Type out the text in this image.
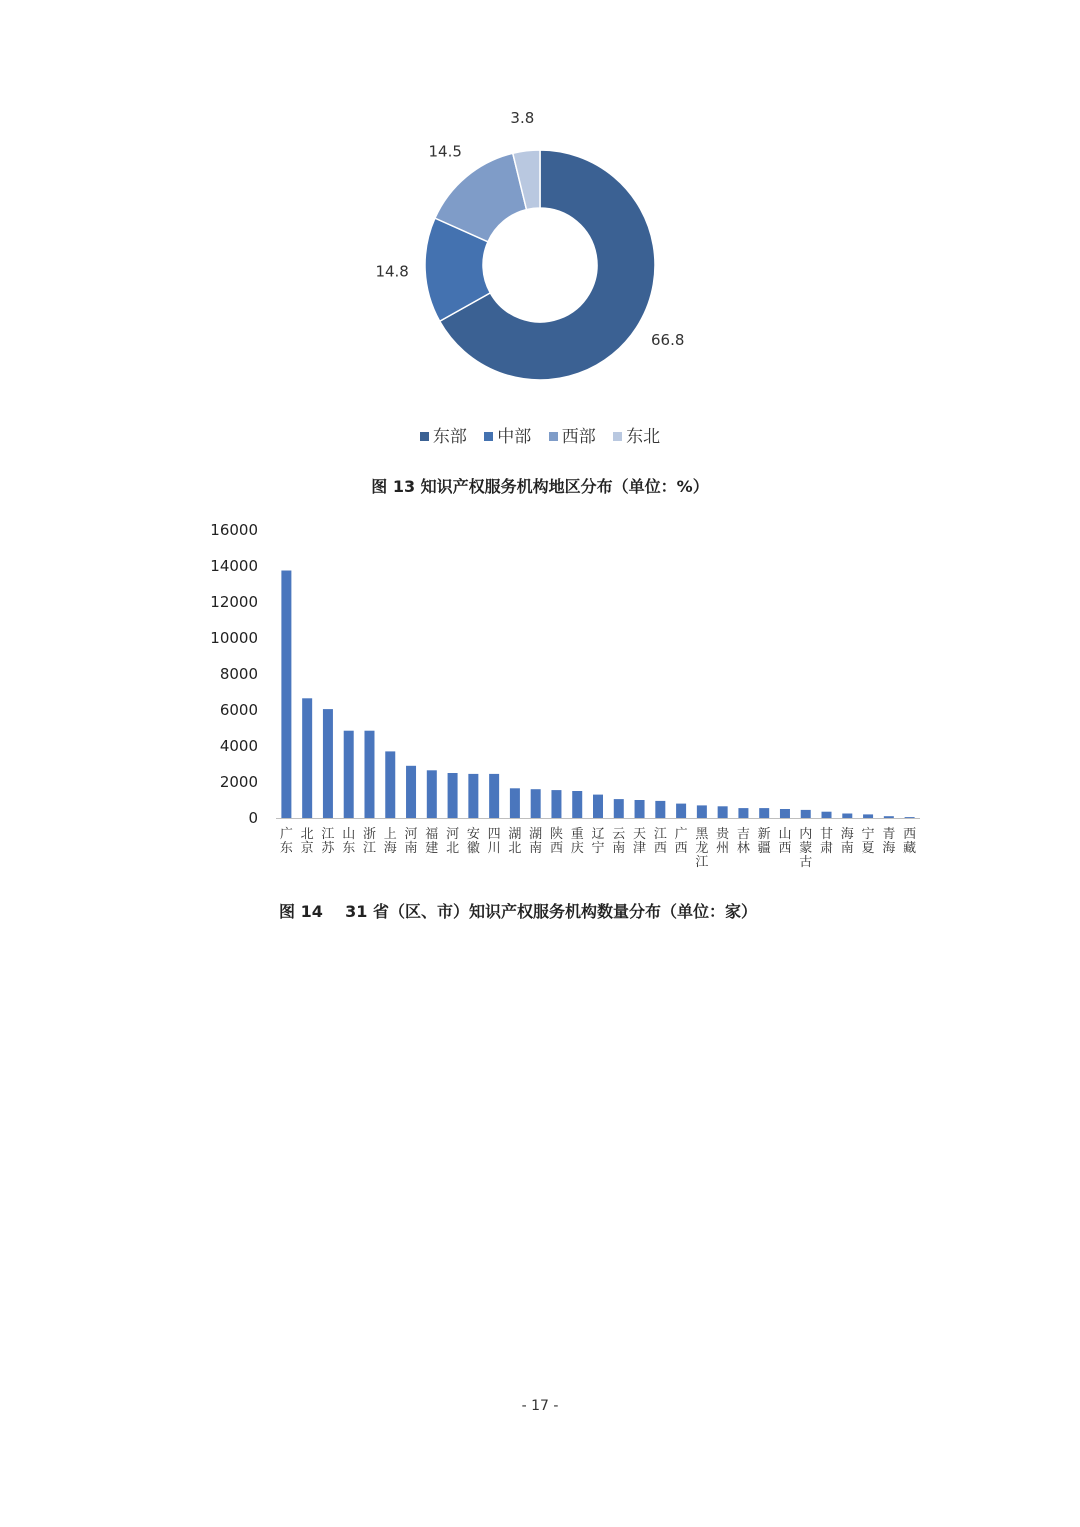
66.8
14.8
14.5
3.8
东部 中部 西部 东北
图 13 知识产权服务机构地区分布（单位：%）
0
2000
4000
6000
8000
10000
12000
14000
16000
广东
北京
江苏
山东
浙江
上海
河南
福建
河北
安徽
四川
湖北
湖南
陕西
重庆
辽宁
云南
天津
江西
广西
黑龙江
贵州
吉林
新疆
山西
内蒙古
甘肃
海南
宁夏
青海
西藏
图 14    31 省（区、市）知识产权服务机构数量分布（单位：家）
- 17 -
